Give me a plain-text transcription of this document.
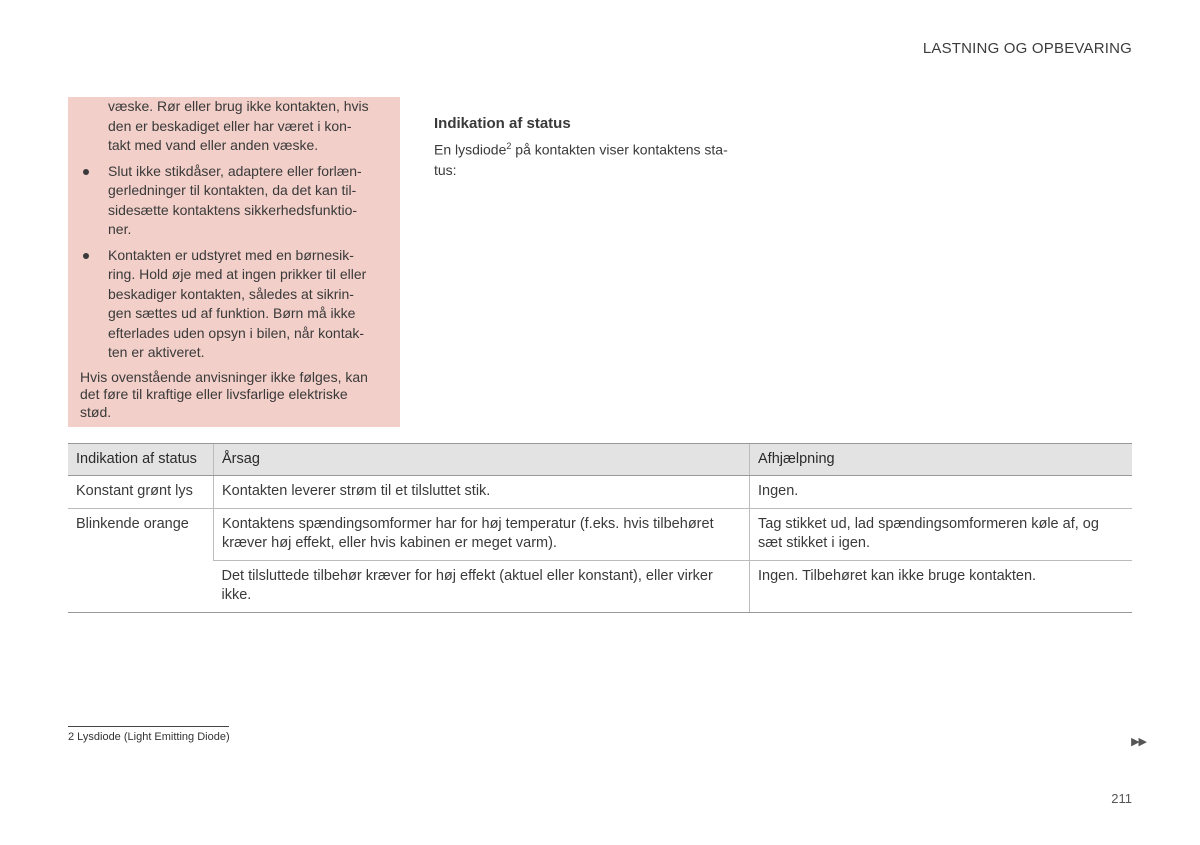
LASTNING OG OPBEVARING

væske. Rør eller brug ikke kontakten, hvis
den er beskadiget eller har været i kon-
takt med vand eller anden væske.

Slut ikke stikdåser, adaptere eller forlæn-
gerledninger til kontakten, da det kan til-
sidesætte kontaktens sikkerhedsfunktio-
ner.

Kontakten er udstyret med en børnesik-
ring. Hold øje med at ingen prikker til eller
beskadiger kontakten, således at sikrin-
gen sættes ud af funktion. Børn må ikke
efterlades uden opsyn i bilen, når kontak-
ten er aktiveret.

Hvis ovenstående anvisninger ikke følges, kan
det føre til kraftige eller livsfarlige elektriske
stød.

Indikation af status

En lysdiode$^2$ på kontakten viser kontaktens sta-
tus:

Indikation af status	Årsag	Afhjælpning
Konstant grønt lys	Kontakten leverer strøm til et tilsluttet stik.	Ingen.
Blinkende orange	Kontaktens spændingsomformer har for høj temperatur (f.eks. hvis tilbehøret
kræver høj effekt, eller hvis kabinen er meget varm).	Tag stikket ud, lad spændingsomformeren køle af, og
sæt stikket i igen.
	Det tilsluttede tilbehør kræver for høj effekt (aktuel eller konstant), eller virker
ikke.	Ingen. Tilbehøret kan ikke bruge kontakten.
2 Lysdiode (Light Emitting Diode)	▶▶
211
